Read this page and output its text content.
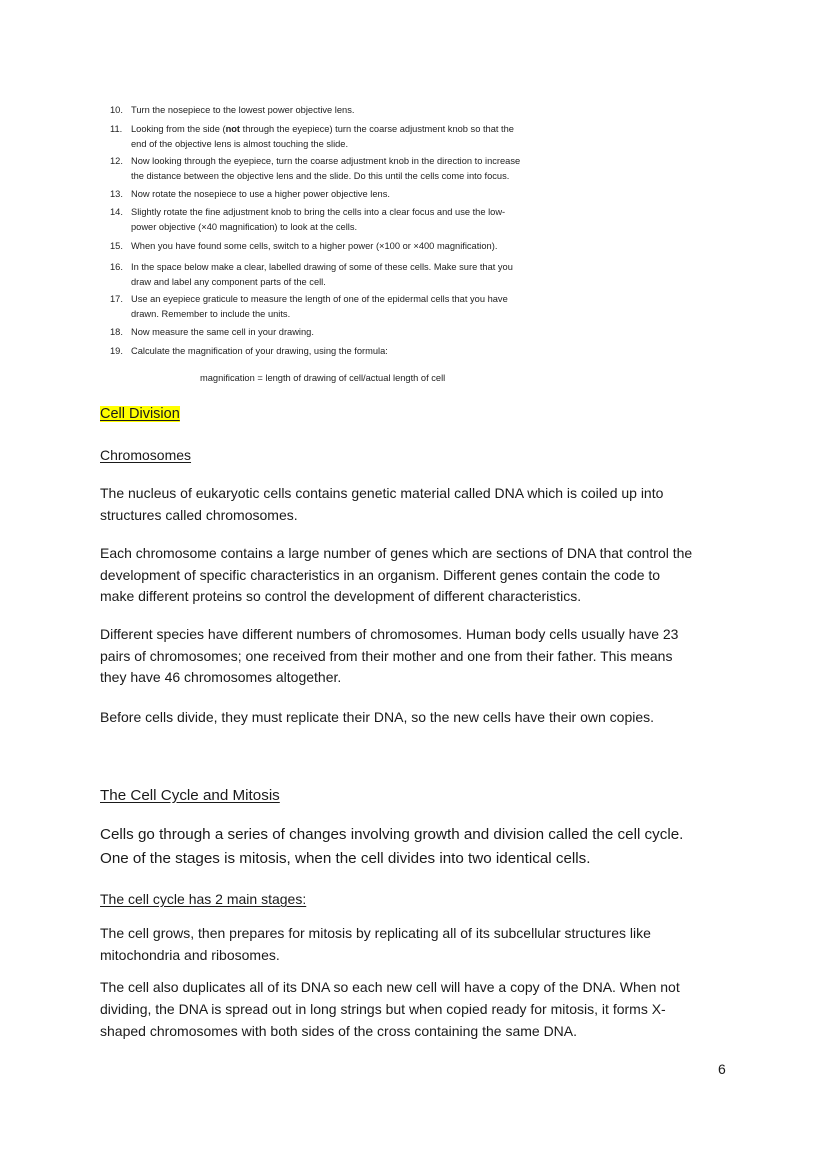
10. Turn the nosepiece to the lowest power objective lens.
11. Looking from the side (not through the eyepiece) turn the coarse adjustment knob so that the
end of the objective lens is almost touching the slide.
12. Now looking through the eyepiece, turn the coarse adjustment knob in the direction to increase
the distance between the objective lens and the slide. Do this until the cells come into focus.
13. Now rotate the nosepiece to use a higher power objective lens.
14. Slightly rotate the fine adjustment knob to bring the cells into a clear focus and use the low-
power objective (×40 magnification) to look at the cells.
15. When you have found some cells, switch to a higher power (×100 or ×400 magnification).
16. In the space below make a clear, labelled drawing of some of these cells. Make sure that you
draw and label any component parts of the cell.
17. Use an eyepiece graticule to measure the length of one of the epidermal cells that you have
drawn. Remember to include the units.
18. Now measure the same cell in your drawing.
19. Calculate the magnification of your drawing, using the formula:
magnification = length of drawing of cell/actual length of cell
Cell Division
Chromosomes
The nucleus of eukaryotic cells contains genetic material called DNA which is coiled up into
structures called chromosomes.
Each chromosome contains a large number of genes which are sections of DNA that control the
development of specific characteristics in an organism. Different genes contain the code to
make different proteins so control the development of different characteristics.
Different species have different numbers of chromosomes. Human body cells usually have 23
pairs of chromosomes; one received from their mother and one from their father. This means
they have 46 chromosomes altogether.
Before cells divide, they must replicate their DNA, so the new cells have their own copies.
The Cell Cycle and Mitosis
Cells go through a series of changes involving growth and division called the cell cycle.
One of the stages is mitosis, when the cell divides into two identical cells.
The cell cycle has 2 main stages:
The cell grows, then prepares for mitosis by replicating all of its subcellular structures like
mitochondria and ribosomes.
The cell also duplicates all of its DNA so each new cell will have a copy of the DNA. When not
dividing, the DNA is spread out in long strings but when copied ready for mitosis, it forms X-
shaped chromosomes with both sides of the cross containing the same DNA.
6
